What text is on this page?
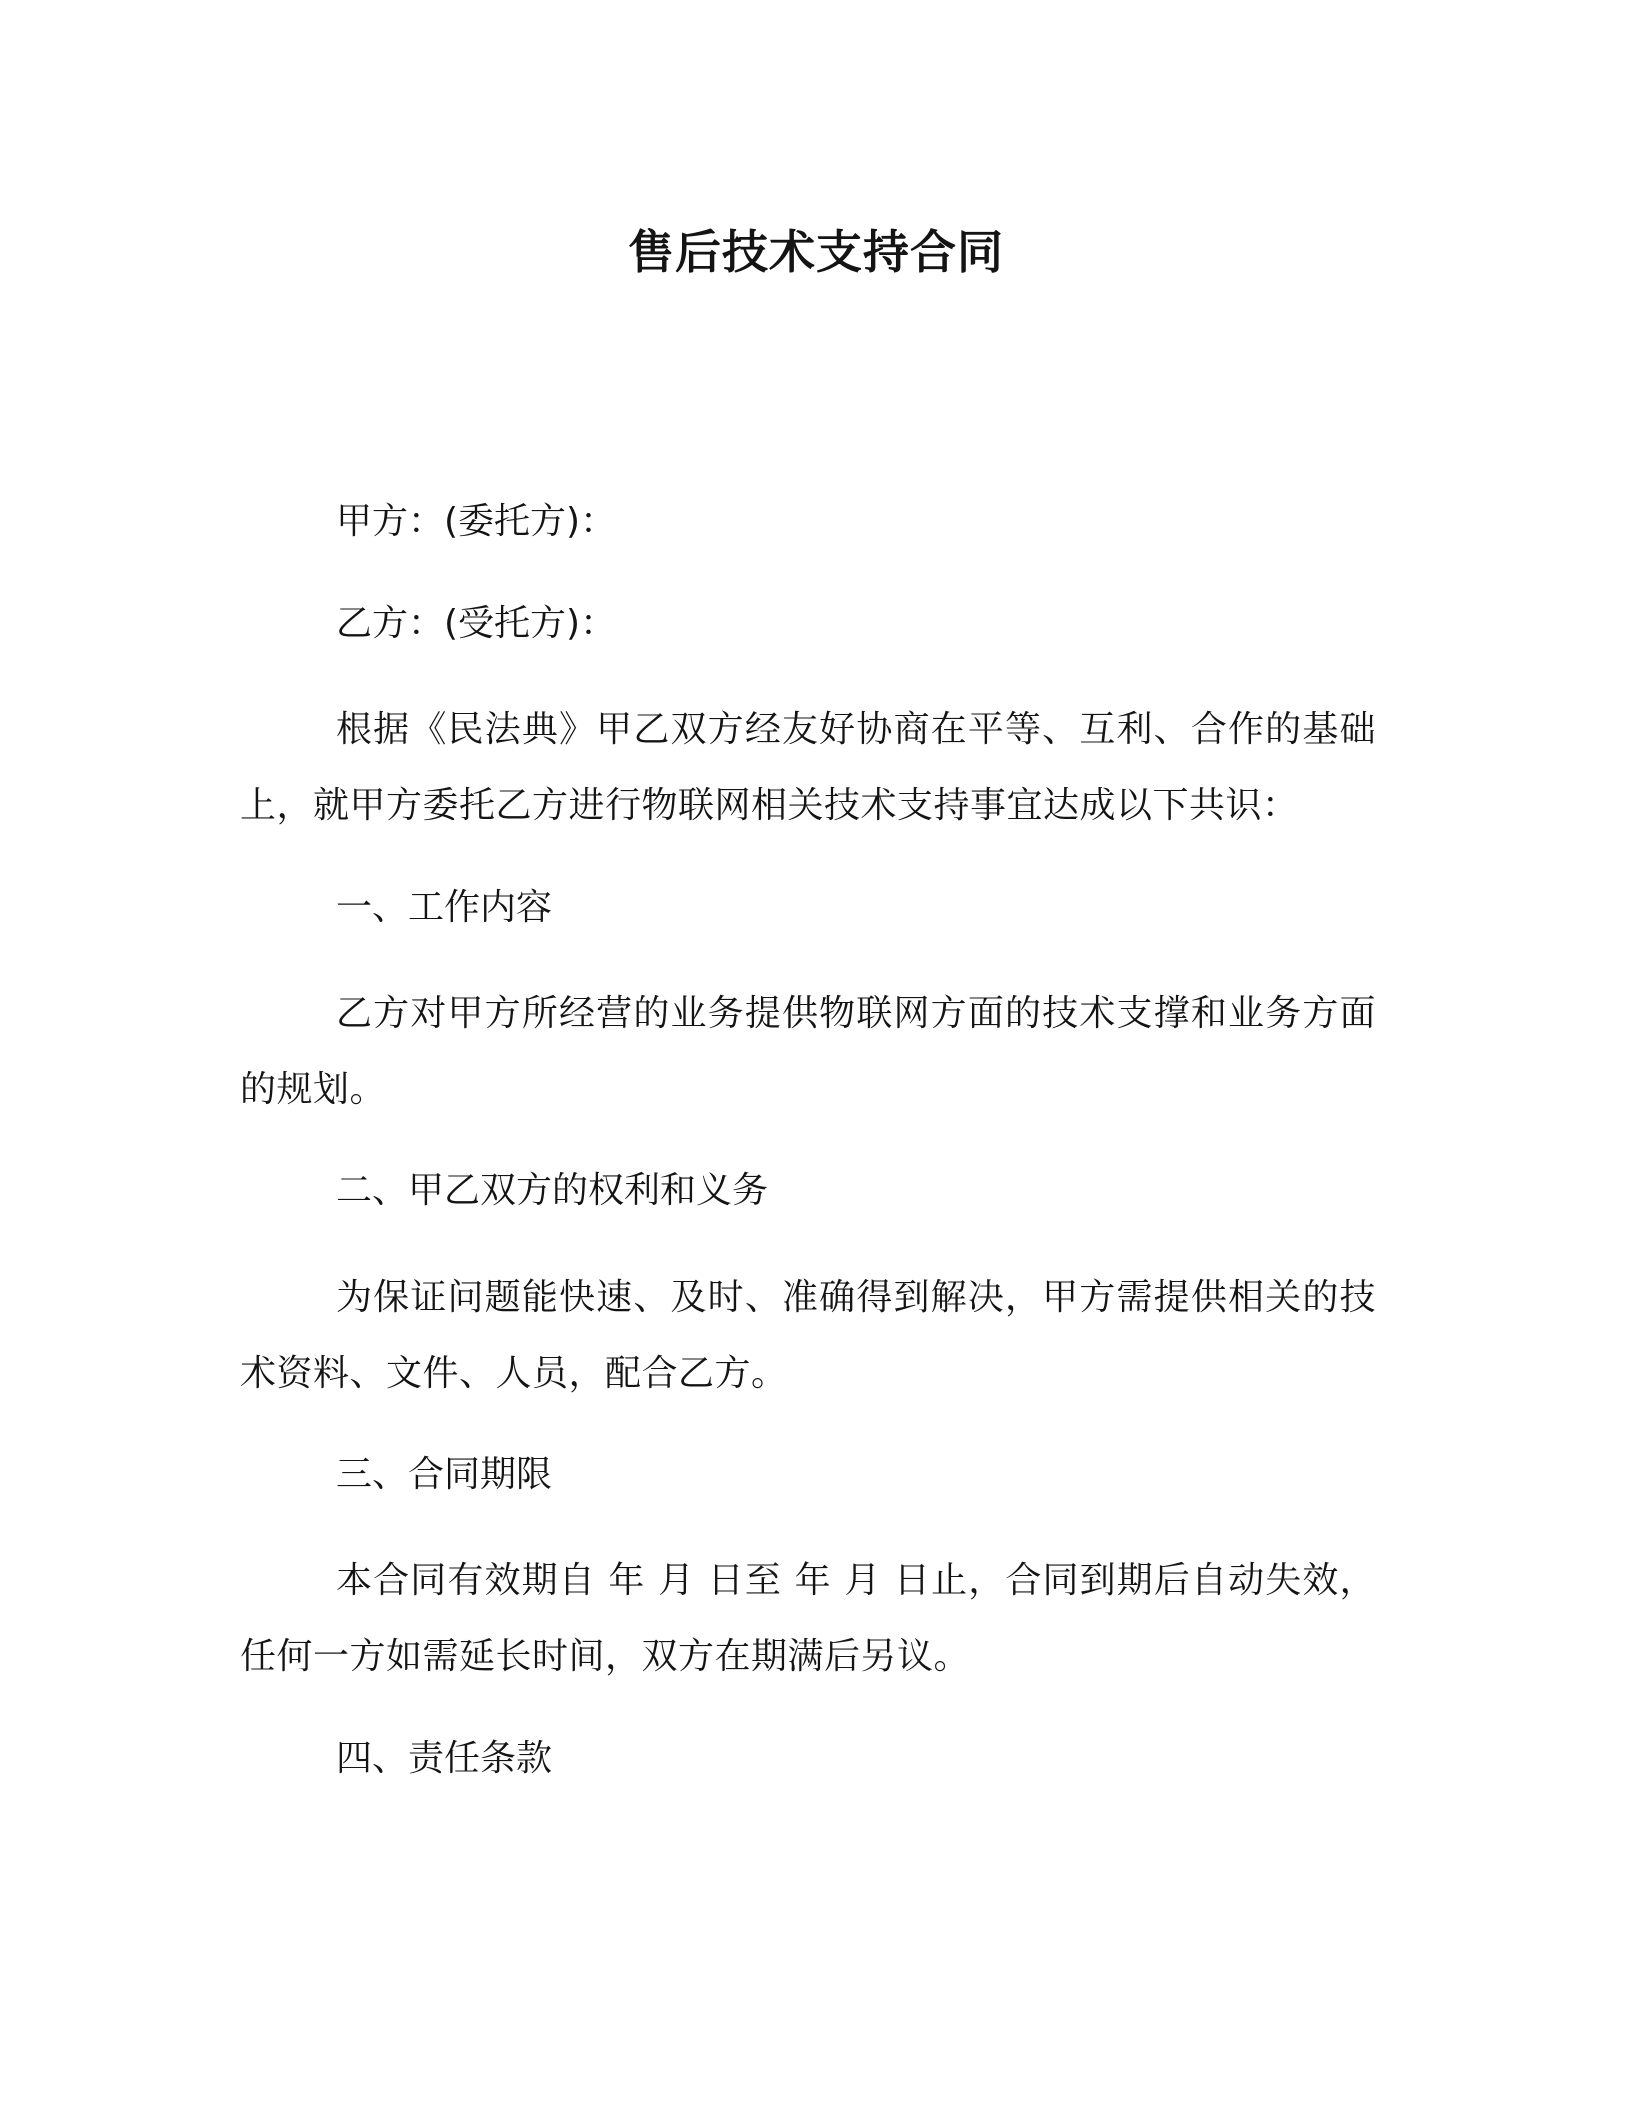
售后技术支持合同
甲方：(委托方)：
乙方：(受托方)：
根据《民法典》甲乙双方经友好协商在平等、互利、合作的基础上，就甲方委托乙方进行物联网相关技术支持事宜达成以下共识：
一、工作内容
乙方对甲方所经营的业务提供物联网方面的技术支撑和业务方面的规划。
二、甲乙双方的权利和义务
为保证问题能快速、及时、准确得到解决，甲方需提供相关的技术资料、文件、人员，配合乙方。
三、合同期限
本合同有效期自 年 月 日至 年 月 日止，合同到期后自动失效，任何一方如需延长时间，双方在期满后另议。
四、责任条款
